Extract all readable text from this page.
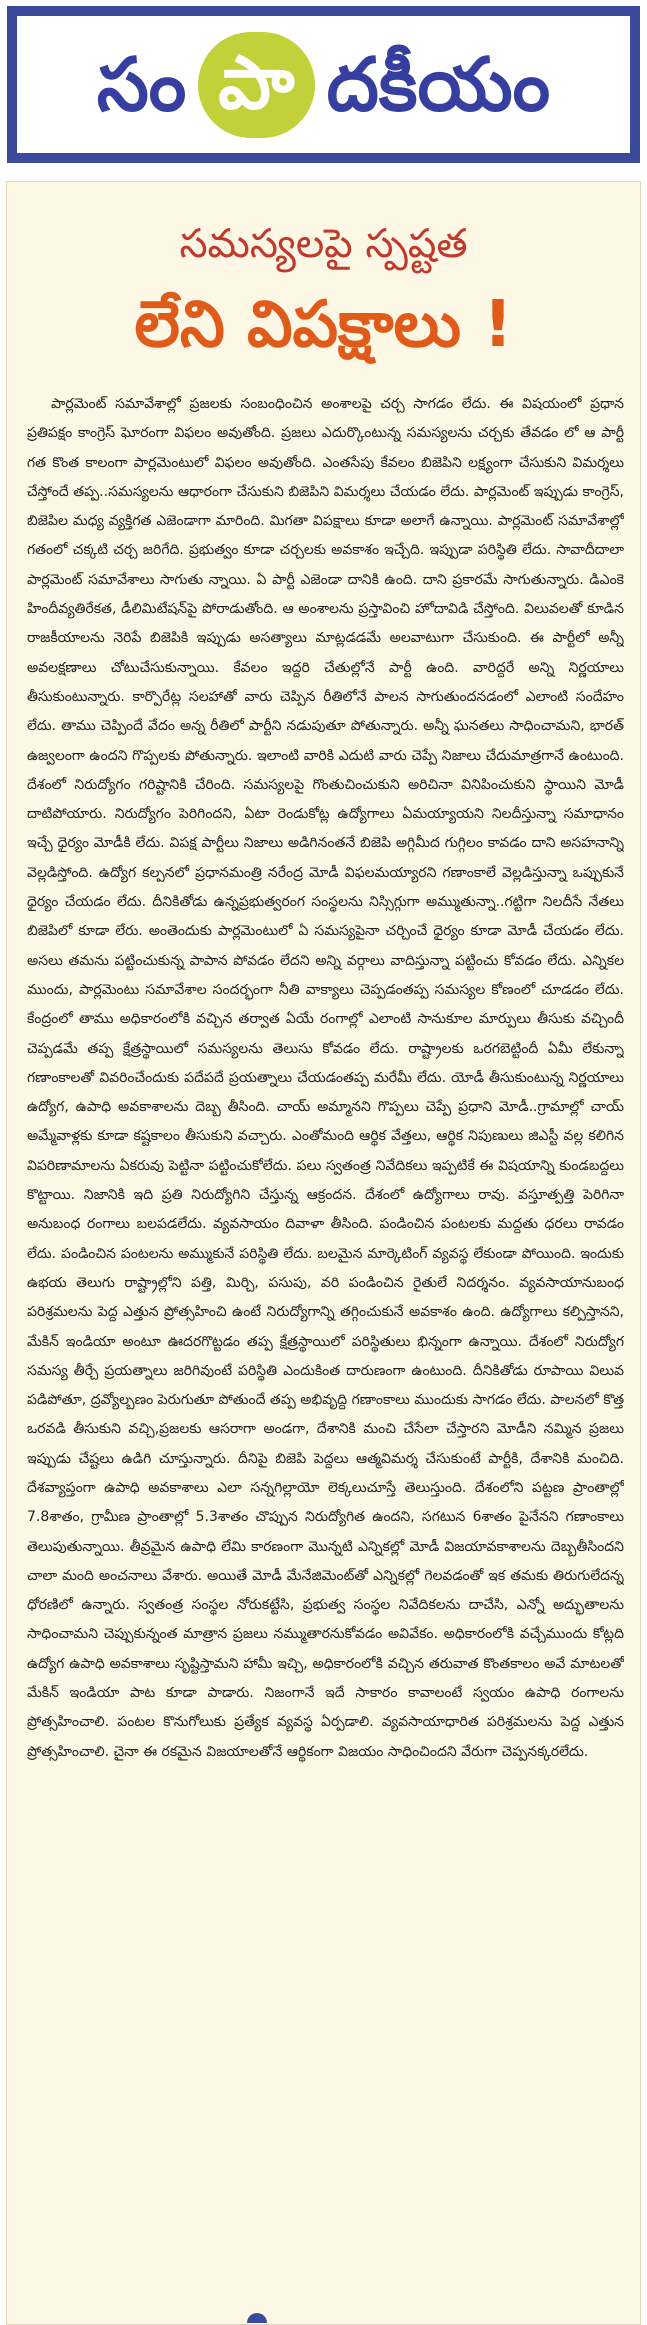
సం పా దకీయం
సమస్యలపై స్పష్టత
లేని విపక్షాలు !

పార్లమెంట్ సమావేశాల్లో ప్రజలకు సంబంధించిన అంశాలపై చర్చ సాగడం లేదు. ఈ విషయంలో ప్రధాన ప్రతిపక్షం కాంగ్రెస్ ఘోరంగా విఫలం అవుతోంది. ప్రజలు ఎదుర్కొంటున్న సమస్యలను చర్చకు తేవడం లో ఆ పార్టీ గత కొంత కాలంగా పార్లమెంటులో విఫలం అవుతోంది. ఎంతసేపు కేవలం బిజెపిని లక్ష్యంగా చేసుకుని విమర్శలు చేస్తోందే తప్ప..సమస్యలను ఆధారంగా చేసుకుని బిజెపిని విమర్శలు చేయడం లేదు. పార్లమెంట్ ఇప్పుడు కాంగ్రెస్, బిజెపిల మధ్య వ్యక్తిగత ఎజెండాగా మారింది. మిగతా విపక్షాలు కూడా అలాగే ఉన్నాయి. పార్లమెంట్ సమావేశాల్లో గతంలో చక్కటి చర్చ జరిగేది. ప్రభుత్వం కూడా చర్చలకు అవకాశం ఇచ్చేది. ఇప్పుడా పరిస్థితి లేదు. సావాదీదాలా పార్లమెంట్ సమావేశాలు సాగుతు న్నాయి. ఏ పార్టీ ఎజెండా దానికి ఉంది. దాని ప్రకారమే సాగుతున్నారు. డిఎంకె హిందీవ్యతిరేకత, డీలిమిటేషన్‌పై పోరాడుతోంది. ఆ అంశాలను ప్రస్తావించి హోదావిడి చేస్తోంది. విలువలతో కూడిన రాజకీయాలను నెరిపే బిజెపికి ఇప్పుడు అసత్యాలు మాట్లడడమే అలవాటుగా చేసుకుంది. ఈ పార్టీలో అన్నీ అవలక్షణాలు చోటుచేసుకున్నాయి. కేవలం ఇద్దరి చేతుల్లోనే పార్టీ ఉంది. వారిద్దరే అన్ని నిర్ణయాలు తీసుకుంటున్నారు. కార్పొరేట్ల సలహాతో వారు చెప్పిన రీతిలోనే పాలన సాగుతుందనడంలో ఎలాంటి సందేహం లేదు. తాము చెప్పిందే వేదం అన్న రీతిలో పార్టీని నడుపుతూ పోతున్నారు. అన్నీ ఘనతలు సాధించామని, భారత్ ఉజ్వలంగా ఉందని గొప్పలకు పోతున్నారు. ఇలాంటి వారికి ఎదుటి వారు చెప్పే నిజాలు చేదుమాత్రగానే ఉంటుంది. దేశంలో నిరుద్యోగం గరిష్టానికి చేరింది. సమస్యలపై గొంతుచించుకుని అరిచినా వినిపించుకుని స్థాయిని మోడీ దాటిపోయారు. నిరుద్యోగం పెరిగిందని, ఏటా రెండుకోట్ల ఉద్యోగాలు ఏమయ్యాయని నిలదీస్తున్నా సమాధానం ఇచ్చే ధైర్యం మోడీకి లేదు. విపక్ష పార్టీలు నిజాలు అడిగినంతనే బిజెపి అగ్గిమీద గుగ్గిలం కావడం దాని అసహనాన్ని వెల్లడిస్తోంది. ఉద్యోగ కల్పనలో ప్రధానమంత్రి నరేంద్ర మోడీ విఫలమయ్యారని గణాంకాలే వెల్లడిస్తున్నా ఒప్పుకునే ధైర్యం చేయడం లేదు. దీనికితోడు ఉన్నప్రభుత్వరంగ సంస్థలను నిస్సిగ్గుగా అమ్ముతున్నా..గట్టిగా నిలదీసే నేతలు బిజెపిలో కూడా లేరు. అంతెందుకు పార్లమెంటులో ఏ సమస్యపైనా చర్చించే ధైర్యం కూడా మోడీ చేయడం లేదు. అసలు తమను పట్టించుకున్న పాపాన పోవడం లేదని అన్ని వర్గాలు వాదిస్తున్నా పట్టించు కోవడం లేదు. ఎన్నికల ముందు, పార్లమెంటు సమావేశాల సందర్భంగా నీతి వాక్యాలు చెప్పడంతప్ప సమస్యల కోణంలో చూడడం లేదు. కేంద్రంలో తాము అధికారంలోకి వచ్చిన తర్వాత ఏయే రంగాల్లో ఎలాంటి సానుకూల మార్పులు తీసుకు వచ్చిందీ చెప్పడమే తప్ప క్షేత్రస్థాయిలో సమస్యలను తెలుసు కోవడం లేదు. రాష్ట్రాలకు ఒరగబెట్టిందీ ఏమీ లేకున్నా గణాంకాలతో వివరించేందుకు పదేపదే ప్రయత్నాలు చేయడంతప్ప మరేమీ లేదు. యోడీ తీసుకుంటున్న నిర్ణయాలు ఉద్యోగ, ఉపాధి అవకాశాలను దెబ్బ తీసింది. చాయ్ అమ్మానని గొప్పలు చెప్పే ప్రధాని మోడీ..గ్రామాల్లో చాయ్ అమ్మేవాళ్లకు కూడా కష్టకాలం తీసుకుని వచ్చారు. ఎంతోమంది ఆర్థిక వేత్తలు, ఆర్థిక నిపుణులు జిఎస్టీ వల్ల కలిగిన విపరిణామాలను ఏకరువు పెట్టినా పట్టించుకోలేదు. పలు స్వతంత్ర నివేదికలు ఇప్పటికే ఈ విషయాన్ని కుండబద్దలు కొట్టాయి. నిజానికి ఇది ప్రతి నిరుద్యోగిని చేస్తున్న ఆక్రందన. దేశంలో ఉద్యోగాలు రావు. వస్తూత్పత్తి పెరిగినా అనుబంధ రంగాలు బలపడలేదు. వ్యవసాయం దివాళా తీసింది. పండించిన పంటలకు మద్దతు ధరలు రావడం లేదు. పండించిన పంటలను అమ్ముకునే పరిస్థితి లేదు. బలమైన మార్కెటింగ్ వ్యవస్థ లేకుండా పోయింది. ఇందుకు ఉభయ తెలుగు రాష్ట్రాల్లోని పత్తి, మిర్చి, పసుపు, వరి పండించిన రైతులే నిదర్శనం. వ్యవసాయానుబంధ పరిశ్రమలను పెద్ద ఎత్తున ప్రోత్సహించి ఉంటే నిరుద్యోగాన్ని తగ్గించుకునే అవకాశం ఉంది. ఉద్యోగాలు కల్పిస్తానని, మేకిన్ ఇండియా అంటూ ఊదరగొట్టడం తప్ప క్షేత్రస్థాయిలో పరిస్థితులు భిన్నంగా ఉన్నాయి. దేశంలో నిరుద్యోగ సమస్య తీర్చే ప్రయత్నాలు జరిగివుంటే పరిస్థితి ఎందుకింత దారుణంగా ఉంటుంది. దీనికితోడు రూపాయి విలువ పడిపోతూ, ద్రవ్యోల్బణం పెరుగుతూ పోతుందే తప్ప అభివృద్ది గణాంకాలు ముందుకు సాగడం లేదు. పాలనలో కొత్త ఒరవడి తీసుకుని వచ్చి,ప్రజలకు ఆసరాగా అండగా, దేశానికి మంచి చేసేలా చేస్తారని మోడీని నమ్మిన ప్రజలు ఇప్పుడు చేష్టలు ఉడిగి చూస్తున్నారు. దీనిపై బిజెపి పెద్దలు ఆత్మవిమర్శ చేసుకుంటే పార్టీకి, దేశానికి మంచిది. దేశవ్యాప్తంగా ఉపాధి అవకాశాలు ఎలా సన్నగిల్లాయో లెక్కలుచూస్తే తెలుస్తుంది. దేశంలోని పట్టణ ప్రాంతాల్లో 7.8శాతం, గ్రామీణ ప్రాంతాల్లో 5.3శాతం చొప్పున నిరుద్యోగిత ఉందని, సగటున 6శాతం పైనేనని గణాంకాలు తెలుపుతున్నాయి. తీవ్రమైన ఉపాధి లేమి కారణంగా మొన్నటి ఎన్నికల్లో మోడీ విజయావకాశాలను దెబ్బతీసిందని చాలా మంది అంచనాలు వేశారు. అయితే మోడీ మేనేజిమెంట్‌తో ఎన్నికల్లో గెలవడంతో ఇక తమకు తిరుగులేదన్న ధోరణిలో ఉన్నారు. స్వతంత్ర సంస్థల నోరుకట్టేసి, ప్రభుత్వ సంస్థల నివేదికలను దాచేసి, ఎన్నో అద్భుతాలను సాధించామని చెప్పుకున్నంత మాత్రాన ప్రజలు నమ్ముతారనుకోవడం అవివేకం. అధికారంలోకి వచ్చేముందు కోట్లది ఉద్యోగ ఉపాధి అవకాశాలు సృష్టిస్తామని హామీ ఇచ్చి, అధికారంలోకి వచ్చిన తరువాత కొంతకాలం అవే మాటలతో మేకిన్ ఇండియా పాట కూడా పాడారు. నిజంగానే ఇదే సాకారం కావాలంటే స్వయం ఉపాధి రంగాలను ప్రోత్సహించాలి. పంటల కొనుగోలుకు ప్రత్యేక వ్యవస్థ ఏర్పడాలి. వ్యవసాయాధారిత పరిశ్రమలను పెద్ద ఎత్తున ప్రోత్సహించాలి. చైనా ఈ రకమైన విజయాలతోనే ఆర్థికంగా విజయం సాధించిందని వేరుగా చెప్పనక్కరలేదు.
